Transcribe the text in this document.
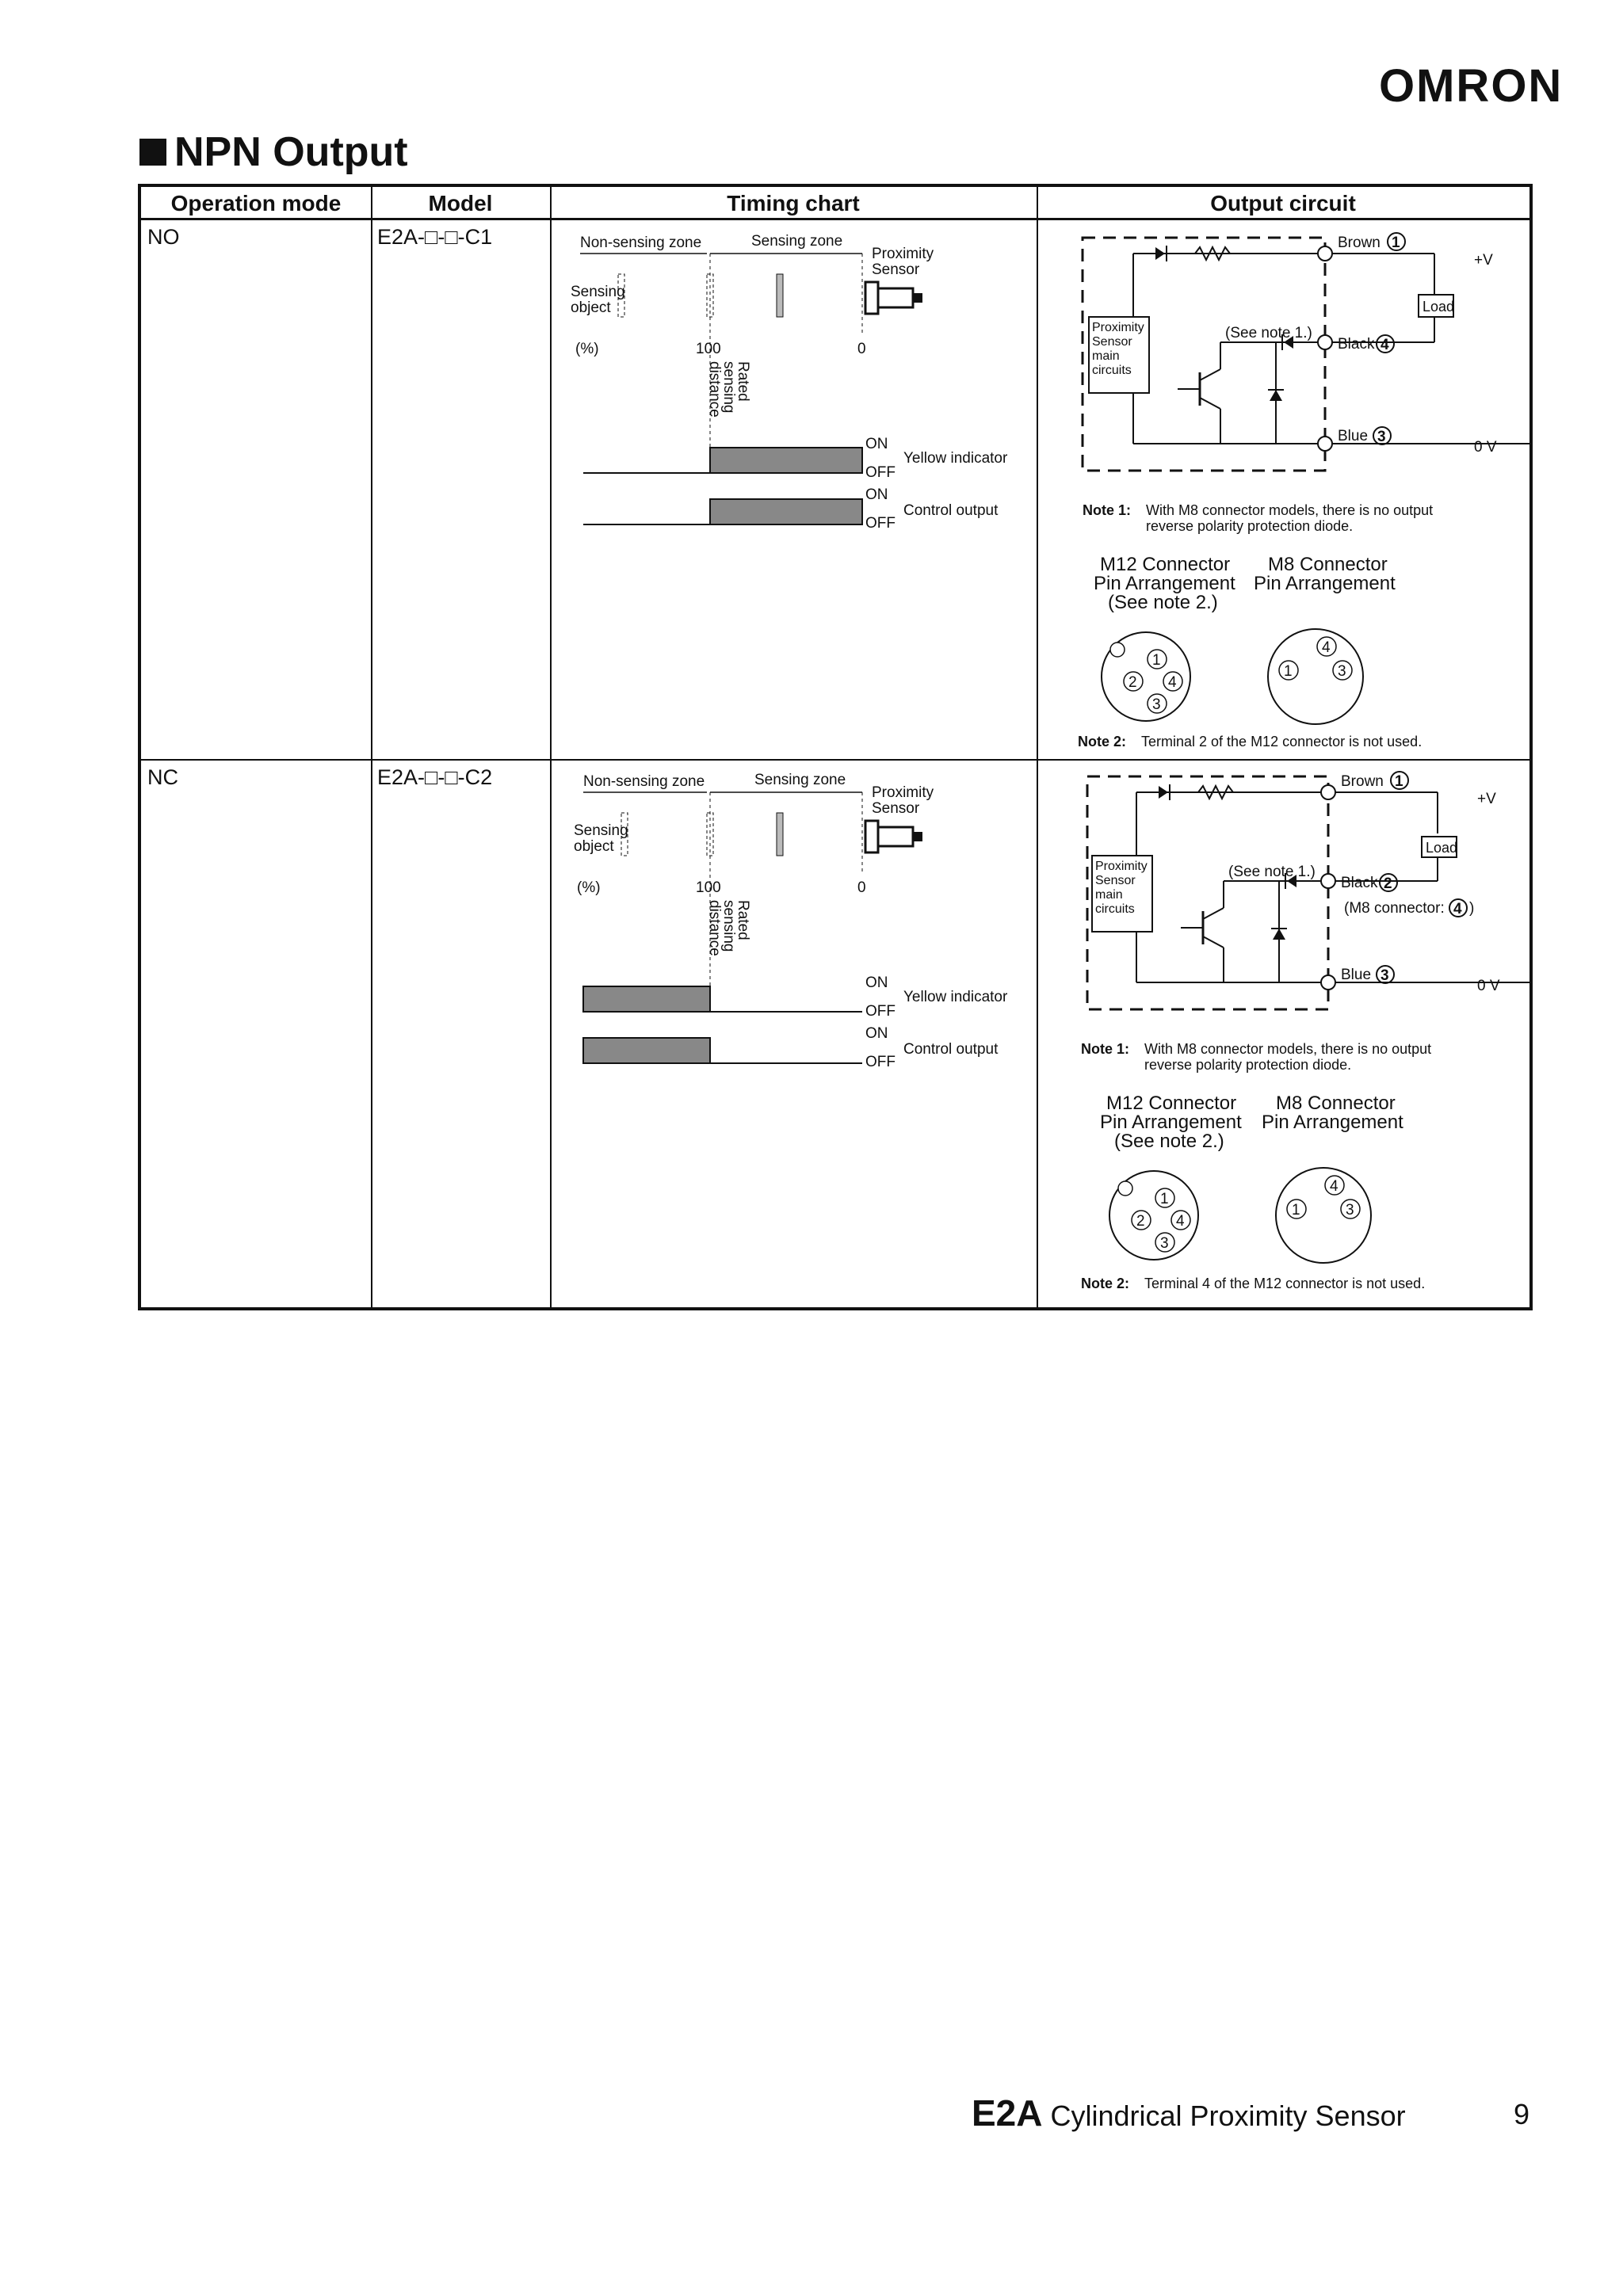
OMRON
NPN Output
Operation mode	Model	Timing chart	Output circuit
NO	E2A-□-□-C1
NC	E2A-□-□-C2
Non-sensing zone	Sensing zone
Proximity
Sensor
Sensing
object
(%)	100	0
Rated
sensing
distance
ON
OFF
Yellow indicator
ON
OFF
Control output
Non-sensing zone	Sensing zone
Proximity
Sensor
Sensing
object
(%)	100	0
Rated
sensing
distance
ON
OFF
Yellow indicator
ON
OFF
Control output
Proximity
Sensor
main
circuits
(See note 1.)
Brown 1
+V
Load
Black 4
Blue 3
0 V
Note 1: With M8 connector models, there is no output
reverse polarity protection diode.
M12 Connector
Pin Arrangement
(See note 2.)
M8 Connector
Pin Arrangement
1
2 4
3
4
1	3
Note 2: Terminal 2 of the M12 connector is not used.
Proximity
Sensor
main
circuits
(See note 1.)
Brown 1
+V
Load
Black 2
(M8 connector: 4 )
Blue 3
0 V
Note 1: With M8 connector models, there is no output
reverse polarity protection diode.
M12 Connector
Pin Arrangement
(See note 2.)
M8 Connector
Pin Arrangement
1
2 4
3
4
1	3
Note 2: Terminal 4 of the M12 connector is not used.
E2A Cylindrical Proximity Sensor	9
